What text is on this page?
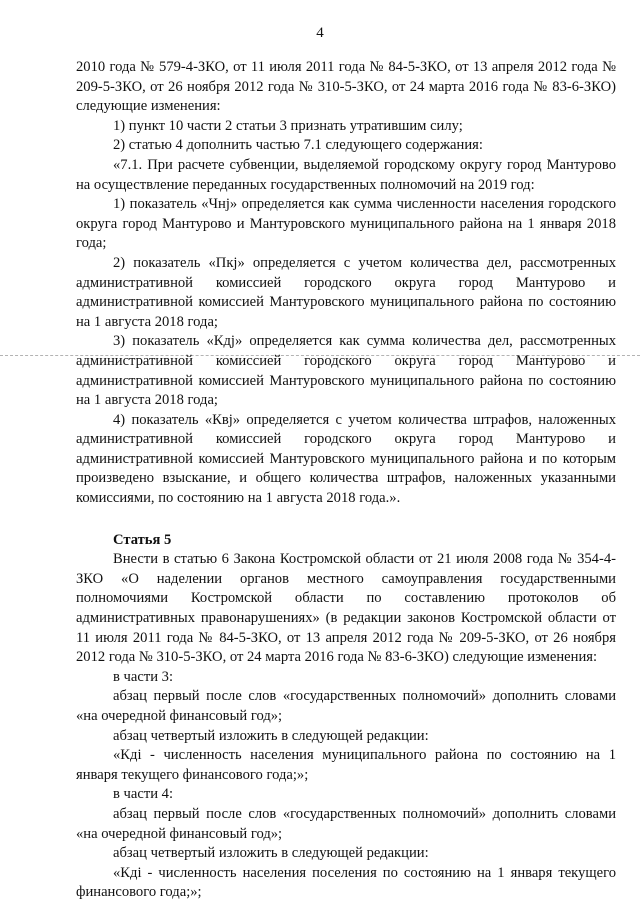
4

2010 года № 579-4-ЗКО, от 11 июля 2011 года № 84-5-ЗКО, от 13 апреля 2012 года № 209-5-ЗКО, от 26 ноября 2012 года № 310-5-ЗКО, от 24 марта 2016 года № 83-6-ЗКО) следующие изменения:

1) пункт 10 части 2 статьи 3 признать утратившим силу;

2) статью 4 дополнить частью 7.1 следующего содержания:

«7.1. При расчете субвенции, выделяемой городскому округу город Мантурово на осуществление переданных государственных полномочий на 2019 год:

1) показатель «Чнj» определяется как сумма численности населения городского округа город Мантурово и Мантуровского муниципального района на 1 января 2018 года;

2) показатель «Пкj» определяется с учетом количества дел, рассмотренных административной комиссией городского округа город Мантурово и административной комиссией Мантуровского муниципального района по состоянию на 1 августа 2018 года;

3) показатель «Кдj» определяется как сумма количества дел, рассмотренных административной комиссией городского округа город Мантурово и административной комиссией Мантуровского муниципального района по состоянию на 1 августа 2018 года;

4) показатель «Квj» определяется с учетом количества штрафов, наложенных административной комиссией городского округа город Мантурово и административной комиссией Мантуровского муниципального района и по которым произведено взыскание, и общего количества штрафов, наложенных указанными комиссиями, по состоянию на 1 августа 2018 года.».

Статья 5

Внести в статью 6 Закона Костромской области от 21 июля 2008 года № 354-4-ЗКО «О наделении органов местного самоуправления государственными полномочиями Костромской области по составлению протоколов об административных правонарушениях» (в редакции законов Костромской области от 11 июля 2011 года № 84-5-ЗКО, от 13 апреля 2012 года № 209-5-ЗКО, от 26 ноября 2012 года № 310-5-ЗКО, от 24 марта 2016 года № 83-6-ЗКО) следующие изменения:

в части 3:

абзац первый после слов «государственных полномочий» дополнить словами «на очередной финансовый год»;

абзац четвертый изложить в следующей редакции:

«Кдi - численность населения муниципального района по состоянию на 1 января текущего финансового года;»;

в части 4:

абзац первый после слов «государственных полномочий» дополнить словами «на очередной финансовый год»;

абзац четвертый изложить в следующей редакции:

«Кдi - численность населения поселения по состоянию на 1 января текущего финансового года;»;
